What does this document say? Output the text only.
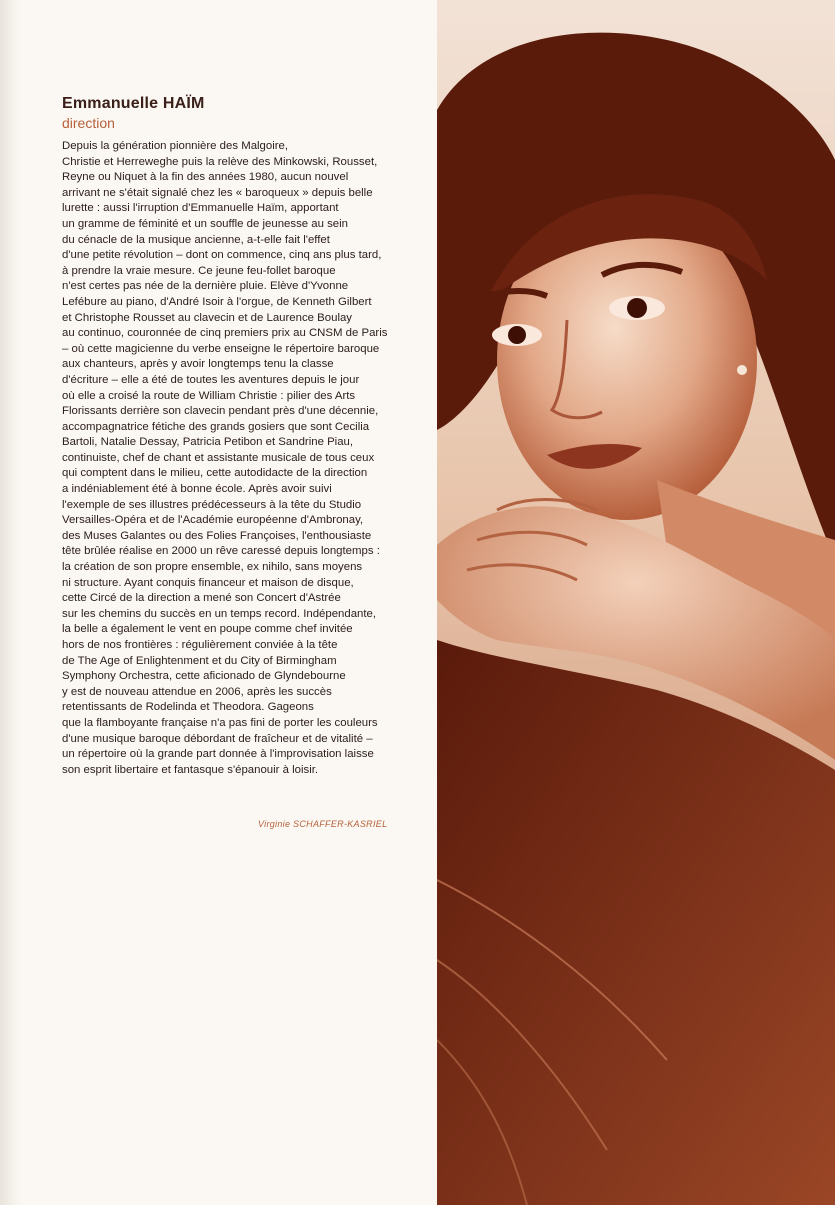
Emmanuelle HAÏM
direction
Depuis la génération pionnière des Malgoire,
Christie et Herreweghe puis la relève des Minkowski, Rousset,
Reyne ou Niquet à la fin des années 1980, aucun nouvel
arrivant ne s'était signalé chez les « baroqueux » depuis belle
lurette : aussi l'irruption d'Emmanuelle Haïm, apportant
un gramme de féminité et un souffle de jeunesse au sein
du cénacle de la musique ancienne, a-t-elle fait l'effet
d'une petite révolution – dont on commence, cinq ans plus tard,
à prendre la vraie mesure. Ce jeune feu-follet baroque
n'est certes pas née de la dernière pluie. Elève d'Yvonne
Lefébure au piano, d'André Isoir à l'orgue, de Kenneth Gilbert
et Christophe Rousset au clavecin et de Laurence Boulay
au continuo, couronnée de cinq premiers prix au CNSM de Paris
– où cette magicienne du verbe enseigne le répertoire baroque
aux chanteurs, après y avoir longtemps tenu la classe
d'écriture – elle a été de toutes les aventures depuis le jour
où elle a croisé la route de William Christie : pilier des Arts
Florissants derrière son clavecin pendant près d'une décennie,
accompagnatrice fétiche des grands gosiers que sont Cecilia
Bartoli, Natalie Dessay, Patricia Petibon et Sandrine Piau,
continuiste, chef de chant et assistante musicale de tous ceux
qui comptent dans le milieu, cette autodidacte de la direction
a indéniablement été à bonne école. Après avoir suivi
l'exemple de ses illustres prédécesseurs à la tête du Studio
Versailles-Opéra et de l'Académie européenne d'Ambronay,
des Muses Galantes ou des Folies Françoises, l'enthousiaste
tête brûlée réalise en 2000 un rêve caressé depuis longtemps :
la création de son propre ensemble, ex nihilo, sans moyens
ni structure. Ayant conquis financeur et maison de disque,
cette Circé de la direction a mené son Concert d'Astrée
sur les chemins du succès en un temps record. Indépendante,
la belle a également le vent en poupe comme chef invitée
hors de nos frontières : régulièrement conviée à la tête
de The Age of Enlightenment et du City of Birmingham
Symphony Orchestra, cette aficionado de Glyndebourne
y est de nouveau attendue en 2006, après les succès
retentissants de Rodelinda et Theodora. Gageons
que la flamboyante française n'a pas fini de porter les couleurs
d'une musique baroque débordant de fraîcheur et de vitalité –
un répertoire où la grande part donnée à l'improvisation laisse
son esprit libertaire et fantasque s'épanouir à loisir.
Virginie SCHAFFER-KASRIEL
